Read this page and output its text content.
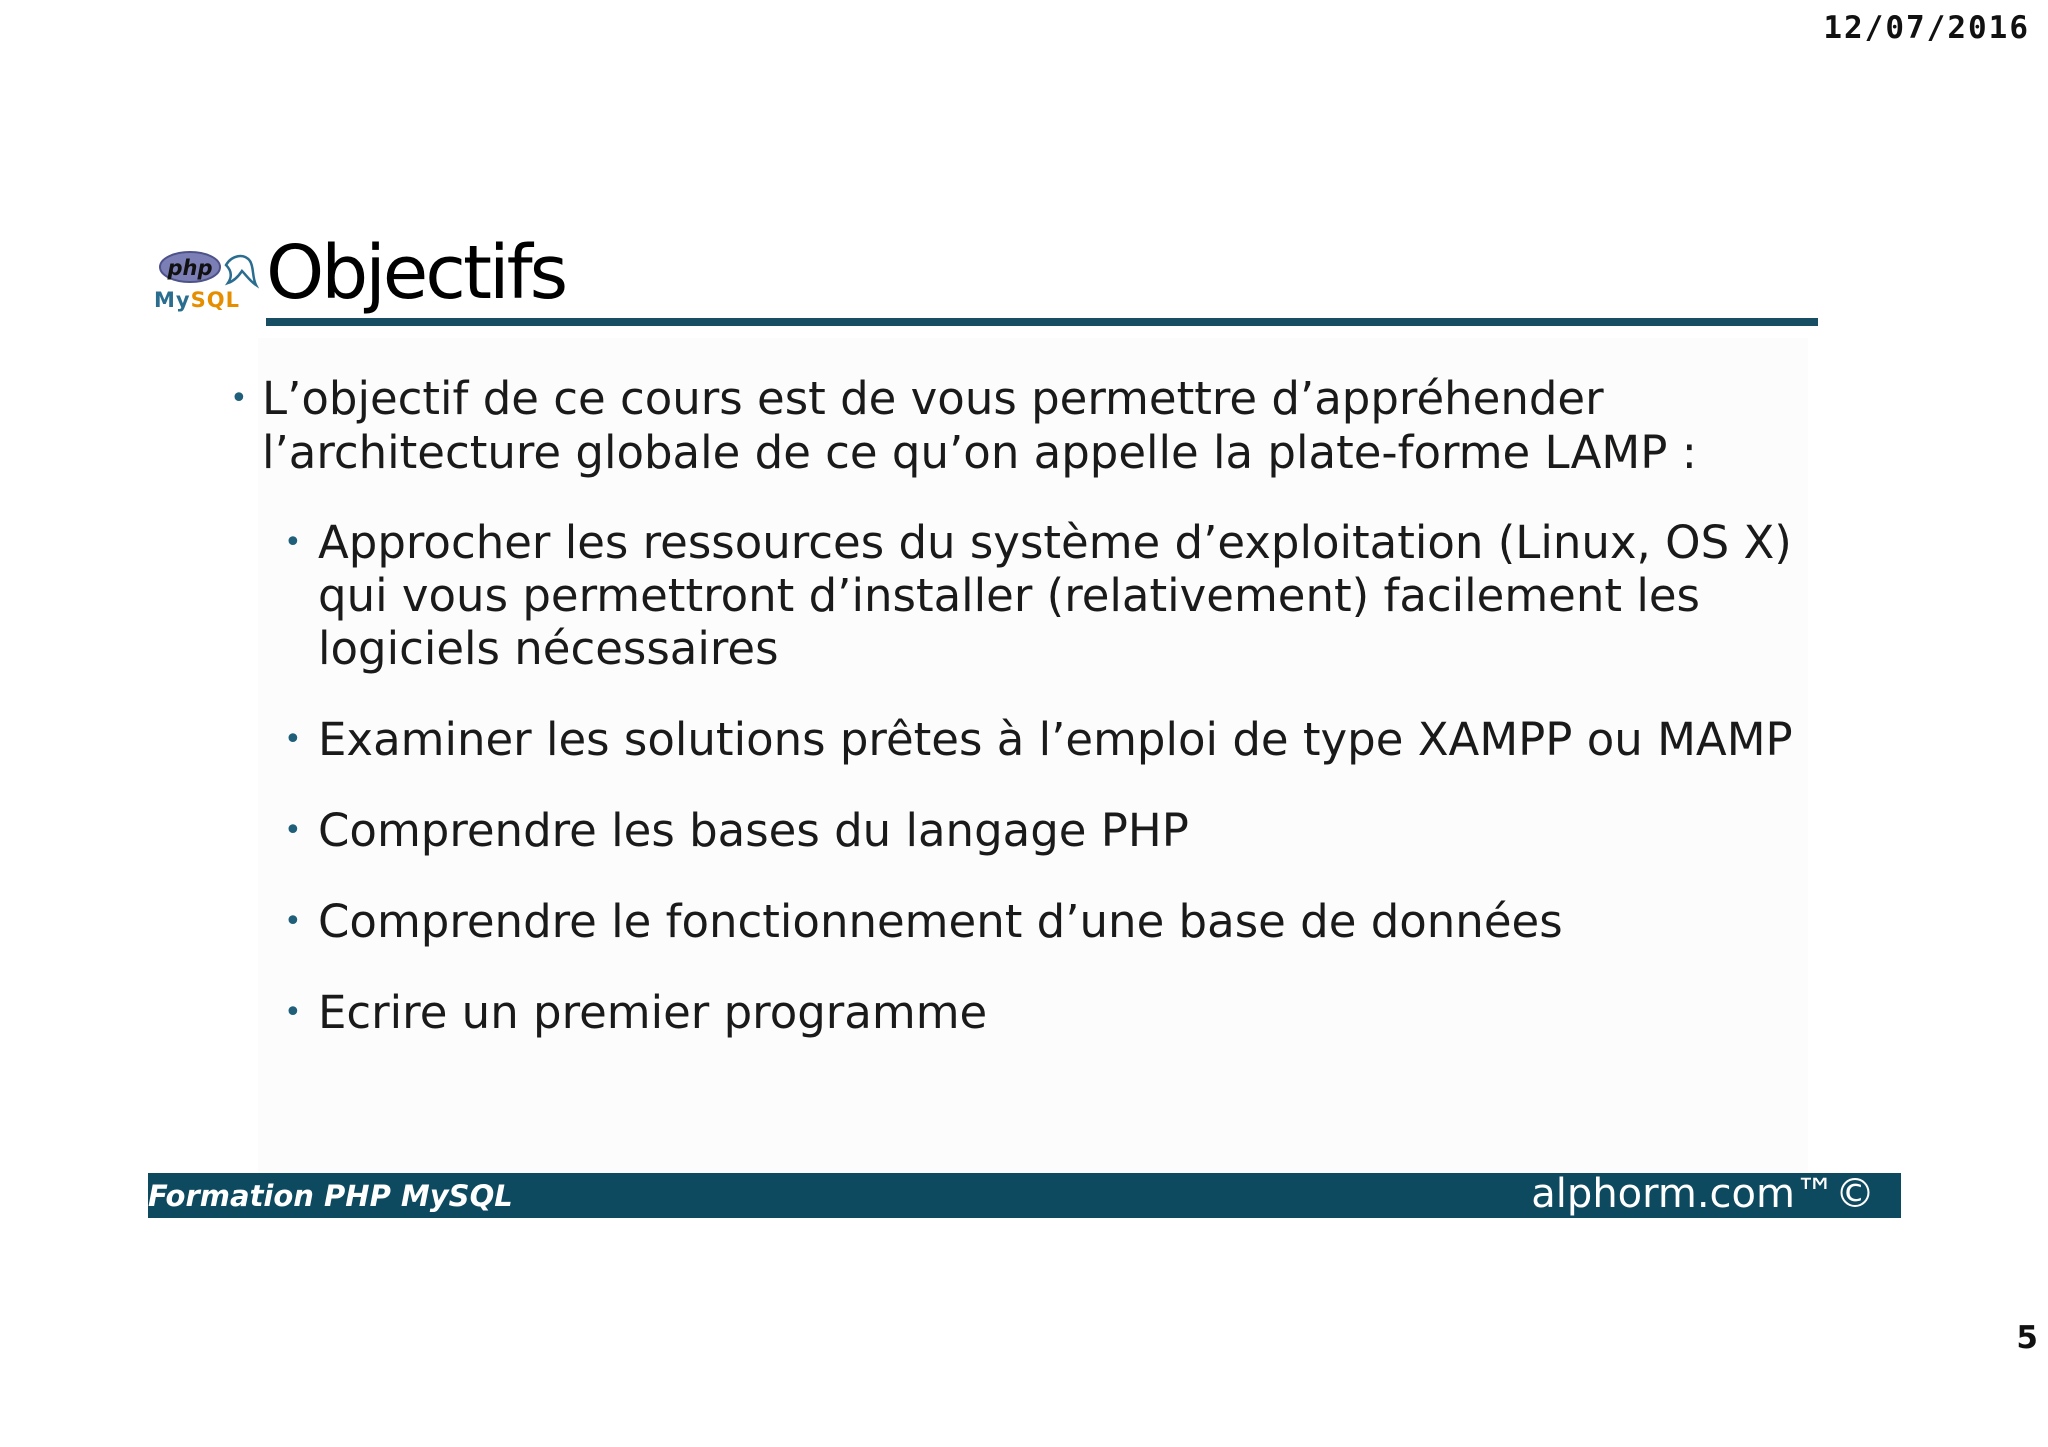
12/07/2016
php
MySQL
MySQL Objectifs
• L’objectif de ce cours est de vous permettre d’appréhender l’architecture globale de ce qu’on appelle la plate-forme LAMP :
• Approcher les ressources du système d’exploitation (Linux, OS X) qui vous permettront d’installer (relativement) facilement les logiciels nécessaires
• Examiner les solutions prêtes à l’emploi de type XAMPP ou MAMP
• Comprendre les bases du langage PHP
• Comprendre le fonctionnement d’une base de données
• Ecrire un premier programme
Formation PHP MySQL	alphorm.com™©
5
